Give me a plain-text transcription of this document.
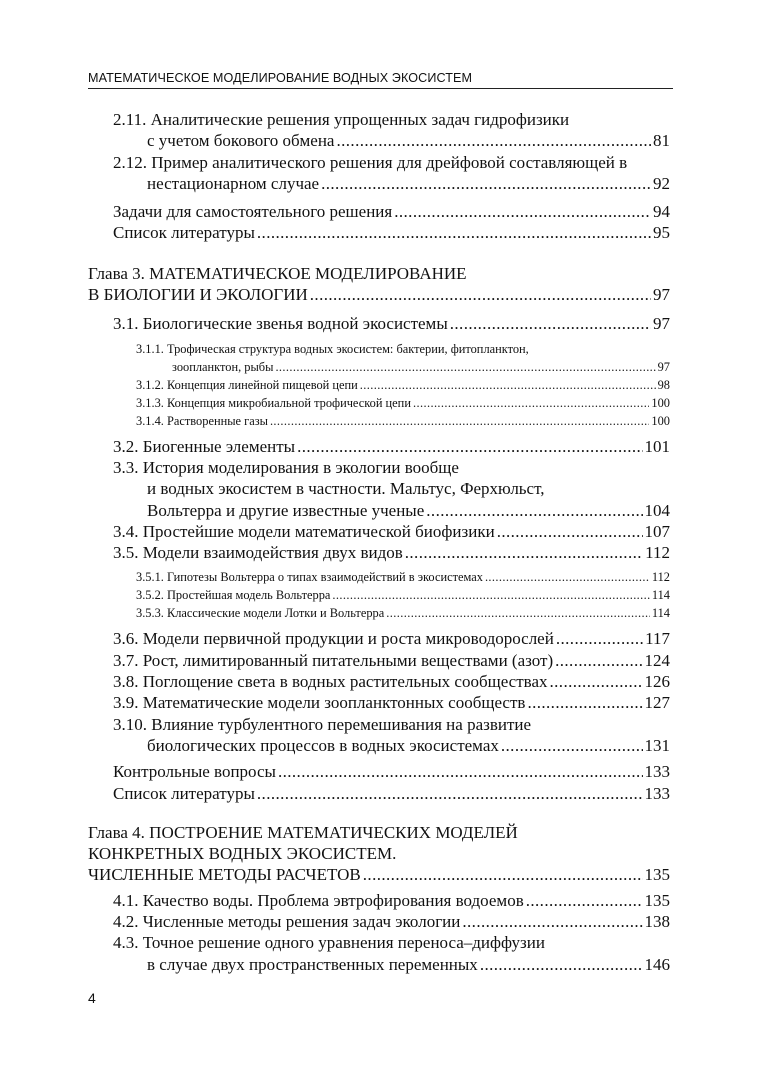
МАТЕМАТИЧЕСКОЕ МОДЕЛИРОВАНИЕ ВОДНЫХ ЭКОСИСТЕМ
2.11. Аналитические решения упрощенных задач гидрофизики
с учетом бокового обмена .....	81
2.12. Пример аналитического решения для дрейфовой составляющей в
нестационарном случае .....	92
Задачи для самостоятельного решения .....	94
Список литературы .....	95
Глава 3. МАТЕМАТИЧЕСКОЕ МОДЕЛИРОВАНИЕ
В БИОЛОГИИ И ЭКОЛОГИИ .....	97
3.1. Биологические звенья водной экосистемы .....	97
3.1.1. Трофическая структура водных экосистем: бактерии, фитопланктон,
зоопланктон, рыбы .....	97
3.1.2. Концепция линейной пищевой цепи .....	98
3.1.3. Концепция микробиальной трофической цепи .....	100
3.1.4. Растворенные газы .....	100
3.2. Биогенные элементы .....	101
3.3. История моделирования в экологии вообще
и водных экосистем в частности. Мальтус, Ферхюльст,
Вольтерра и другие известные ученые .....	104
3.4. Простейшие модели математической биофизики .....	107
3.5. Модели взаимодействия двух видов .....	112
3.5.1. Гипотезы Вольтерра о типах взаимодействий в экосистемах .....	112
3.5.2. Простейшая модель Вольтерра .....	114
3.5.3. Классические модели Лотки и Вольтерра .....	114
3.6. Модели первичной продукции и роста микроводорослей .....	117
3.7. Рост, лимитированный питательными веществами (азот) .....	124
3.8. Поглощение света в водных растительных сообществах .....	126
3.9. Математические модели зоопланктонных сообществ .....	127
3.10. Влияние турбулентного перемешивания на развитие
биологических процессов в водных экосистемах .....	131
Контрольные вопросы .....	133
Список литературы .....	133
Глава 4. ПОСТРОЕНИЕ МАТЕМАТИЧЕСКИХ МОДЕЛЕЙ
КОНКРЕТНЫХ ВОДНЫХ ЭКОСИСТЕМ.
ЧИСЛЕННЫЕ МЕТОДЫ РАСЧЕТОВ .....	135
4.1. Качество воды. Проблема эвтрофирования водоемов .....	135
4.2. Численные методы решения задач экологии .....	138
4.3. Точное решение одного уравнения переноса–диффузии
в случае двух пространственных переменных .....	146
4
